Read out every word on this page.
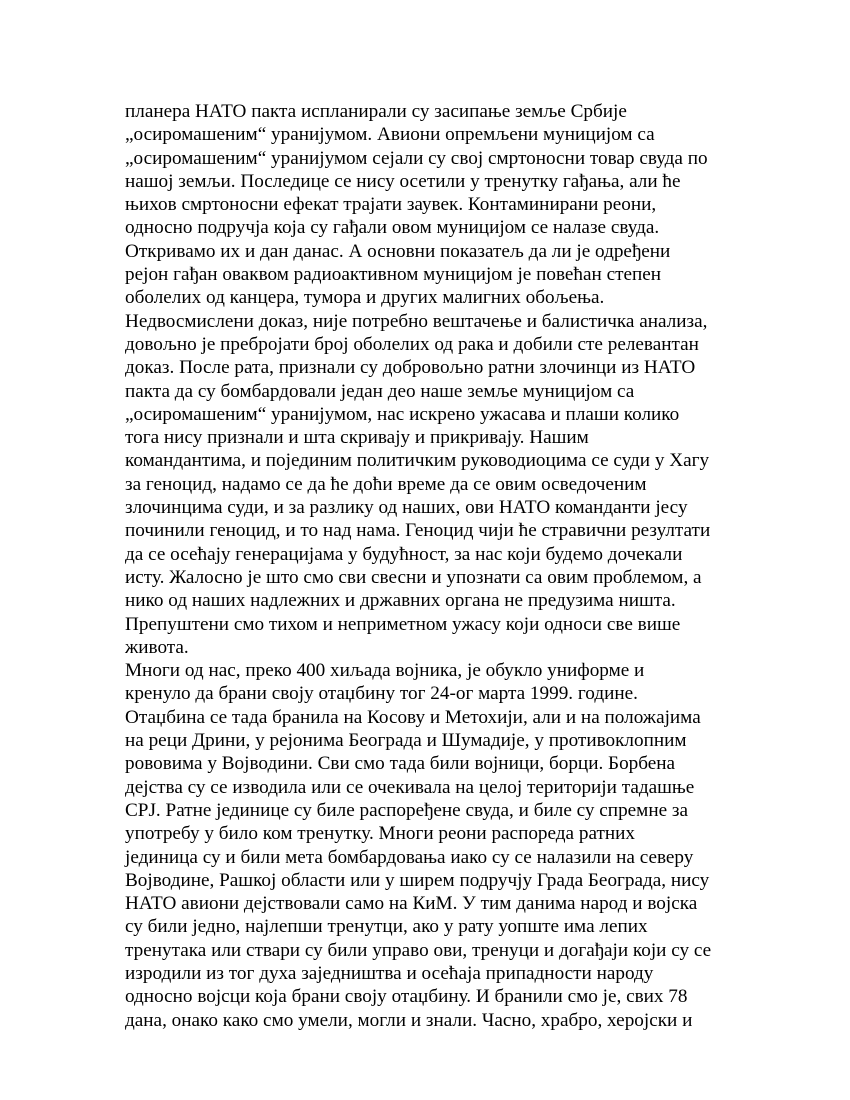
планера НАТО пакта испланирали су засипање земље Србије
„осиромашеним“ уранијумом. Авиони опремљени муницијом са
„осиромашеним“ уранијумом сејали су свој смртоносни товар свуда по
нашој земљи. Последице се нису осетили у тренутку гађања, али ће
њихов смртоносни ефекат трајати заувек. Контаминирани реони,
односно подручја која су гађали овом муницијом се налазе свуда.
Откривамо их и дан данас. А основни показатељ да ли је одређени
рејон гађан оваквом радиоактивном муницијом је повећан степен
оболелих од канцера, тумора и других малигних обољења.
Недвосмислени доказ, није потребно вештачење и балистичка анализа,
довољно је пребројати број оболелих од рака и добили сте релевантан
доказ. После рата, признали су добровољно ратни злочинци из НАТО
пакта да су бомбардовали један део наше земље муницијом са
„осиромашеним“ уранијумом, нас искрено ужасава и плаши колико
тога нису признали и шта скривају и прикривају. Нашим
командантима, и појединим политичким руководиоцима се суди у Хагу
за геноцид, надамо се да ће доћи време да се овим осведоченим
злочинцима суди, и за разлику од наших, ови НАТО команданти јесу
починили геноцид, и то над нама. Геноцид чији ће стравични резултати
да се осећају генерацијама у будућност, за нас који будемо дочекали
исту. Жалосно је што смо сви свесни и упознати са овим проблемом, а
нико од наших надлежних и државних органа не предузима ништа.
Препуштени смо тихом и неприметном ужасу који односи све више
живота.
Многи од нас, преко 400 хиљада војника, је обукло униформе и
кренуло да брани своју отаџбину тог 24-ог марта 1999. године.
Отаџбина се тада бранила на Косову и Метохији, али и на положајима
на реци Дрини, у рејонима Београда и Шумадије, у противоклопним
рововима у Војводини. Сви смо тада били војници, борци. Борбена
дејства су се изводила или се очекивала на целој територији тадашње
СРЈ. Ратне јединице су биле распоређене свуда, и биле су спремне за
употребу у било ком тренутку. Многи реони распореда ратних
јединица су и били мета бомбардовања иако су се налазили на северу
Војводине, Рашкој области или у ширем подручју Града Београда, нису
НАТО авиони дејствовали само на КиМ. У тим данима народ и војска
су били једно, најлепши тренутци, ако у рату уопште има лепих
тренутака или ствари су били управо ови, тренуци и догађаји који су се
изродили из тог духа заједништва и осећаја припадности народу
односно војсци која брани своју отаџбину. И бранили смо је, свих 78
дана, онако како смо умели, могли и знали. Часно, храбро, херојски и
